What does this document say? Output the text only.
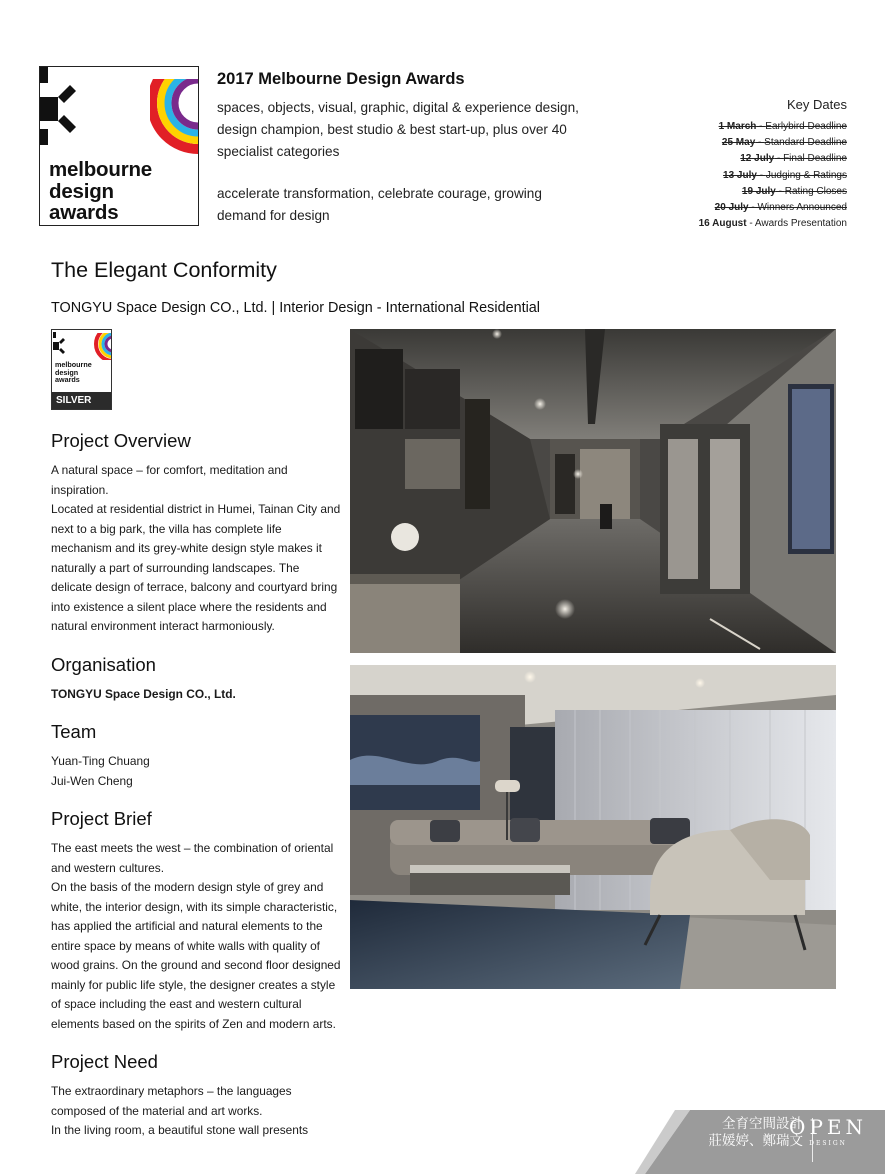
melbourne
design
awards
2017 Melbourne Design Awards

spaces, objects, visual, graphic, digital & experience design, design champion, best studio & best start-up, plus over 40 specialist categories

accelerate transformation, celebrate courage, growing demand for design

Key Dates
1 March - Earlybird Deadline
25 May - Standard Deadline
12 July - Final Deadline
13 July - Judging & Ratings
19 July - Rating Closes
20 July - Winners Announced
16 August - Awards Presentation
The Elegant Conformity

TONGYU Space Design CO., Ltd. | Interior Design - International Residential

melbourne
design
awards
SILVER
Project Overview

A natural space – for comfort, meditation and inspiration.
Located at residential district in Humei, Tainan City and next to a big park, the villa has complete life mechanism and its grey-white design style makes it naturally a part of surrounding landscapes. The delicate design of terrace, balcony and courtyard bring into existence a silent place where the residents and natural environment interact harmoniously.

Organisation

TONGYU Space Design CO., Ltd.

Team

Yuan-Ting Chuang

Jui-Wen Cheng

Project Brief

The east meets the west – the combination of oriental and western cultures.
On the basis of the modern design style of grey and white, the interior design, with its simple characteristic, has applied the artificial and natural elements to the entire space by means of white walls with quality of wood grains. On the ground and second floor designed mainly for public life style, the designer creates a style of space including the east and western cultural elements based on the spirits of Zen and modern arts.

Project Need

The extraordinary metaphors – the languages composed of the material and art works.
In the living room, a beautiful stone wall presents	全育空間設計
莊媛婷、鄭瑞文
OPEN
DESIGN
